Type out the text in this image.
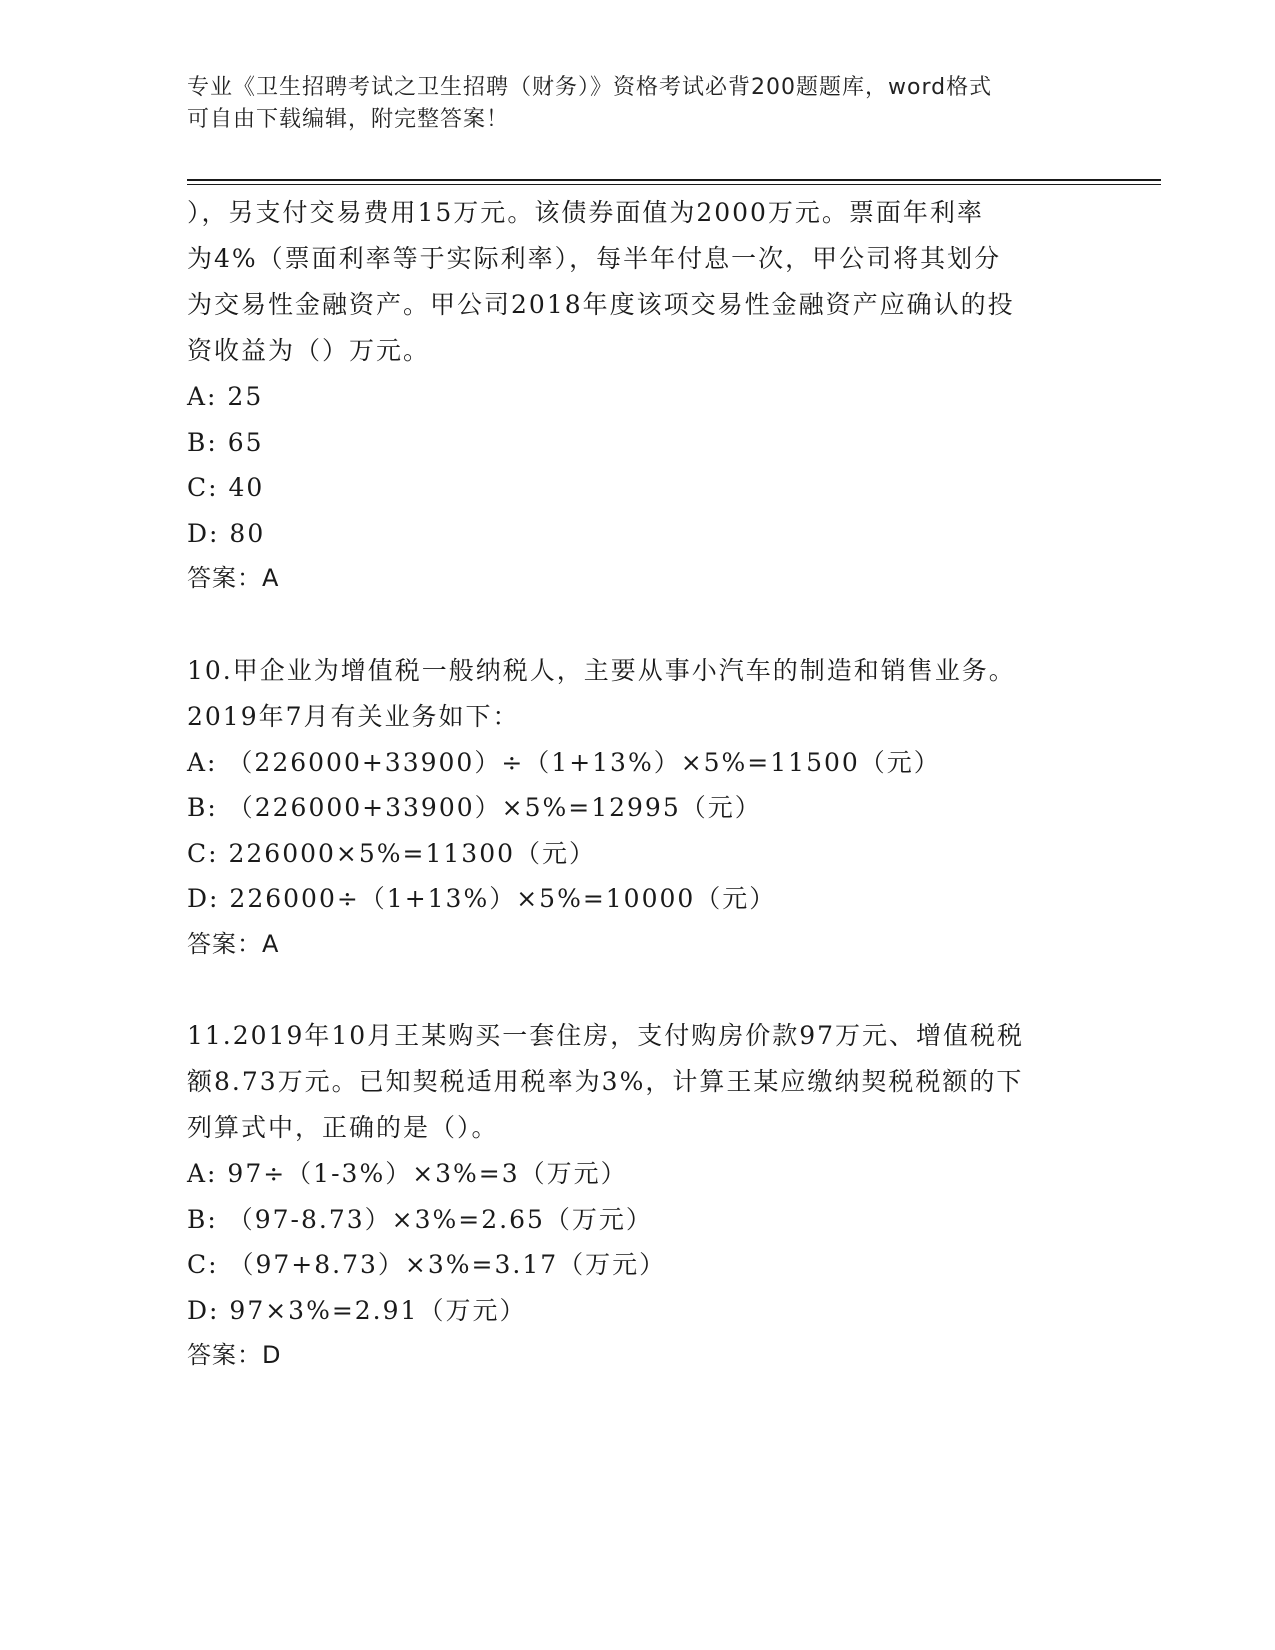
专业《卫生招聘考试之卫生招聘（财务）》资格考试必背200题题库，word格式
可自由下载编辑，附完整答案！
），另支付交易费用15万元。该债券面值为2000万元。票面年利率
为4%（票面利率等于实际利率），每半年付息一次，甲公司将其划分
为交易性金融资产。甲公司2018年度该项交易性金融资产应确认的投
资收益为（）万元。
A: 25
B: 65
C: 40
D: 80
答案：A
10.甲企业为增值税一般纳税人，主要从事小汽车的制造和销售业务。
2019年7月有关业务如下：
A: （226000+33900）÷（1+13%）×5%=11500（元）
B: （226000+33900）×5%=12995（元）
C: 226000×5%=11300（元）
D: 226000÷（1+13%）×5%=10000（元）
答案：A
11.2019年10月王某购买一套住房，支付购房价款97万元、增值税税
额8.73万元。已知契税适用税率为3%，计算王某应缴纳契税税额的下
列算式中，正确的是（）。
A: 97÷（1-3%）×3%=3（万元）
B: （97-8.73）×3%=2.65（万元）
C: （97+8.73）×3%=3.17（万元）
D: 97×3%=2.91（万元）
答案：D
